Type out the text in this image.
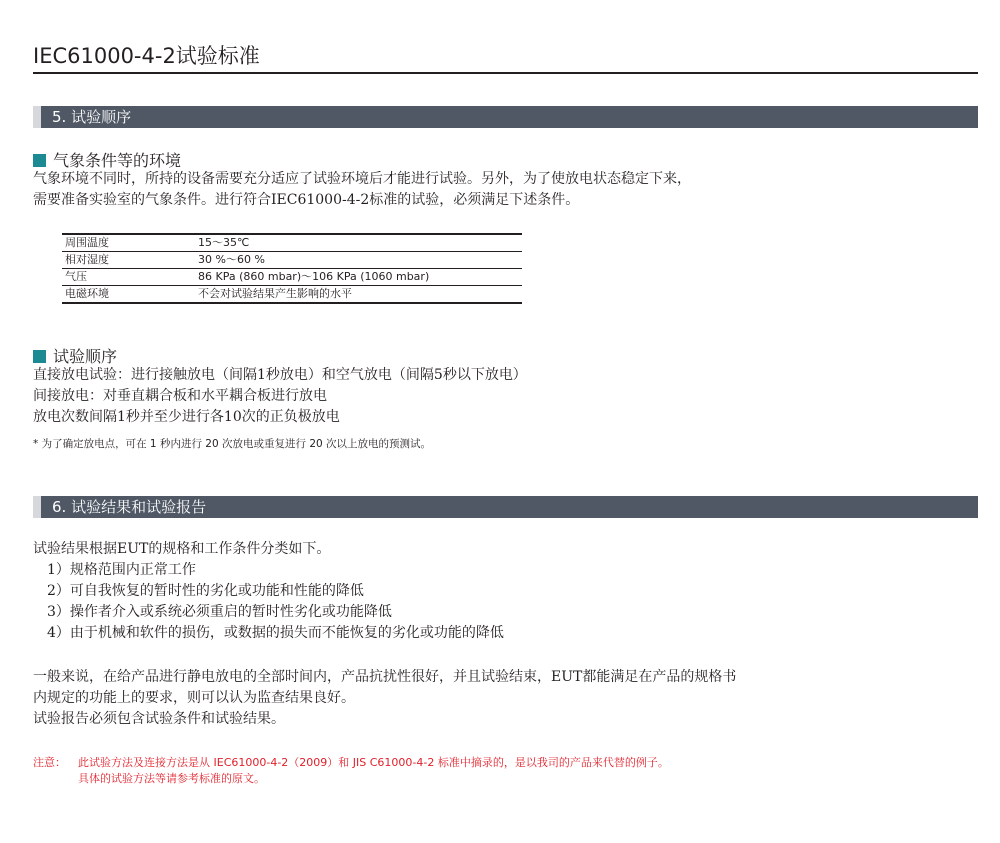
IEC61000-4-2试验标准
5. 试验顺序
气象条件等的环境

气象环境不同时，所持的设备需要充分适应了试验环境后才能进行试验。另外，为了使放电状态稳定下来，

需要准备实验室的气象条件。进行符合IEC61000-4-2标准的试验，必须满足下述条件。

周围温度	15～35℃
相对湿度	30 %～60 %
气压	86 KPa (860 mbar)～106 KPa (1060 mbar)
电磁环境	不会对试验结果产生影响的水平
试验顺序

直接放电试验：进行接触放电（间隔1秒放电）和空气放电（间隔5秒以下放电）

间接放电：对垂直耦合板和水平耦合板进行放电

放电次数间隔1秒并至少进行各10次的正负极放电

* 为了确定放电点，可在 1 秒内进行 20 次放电或重复进行 20 次以上放电的预测试。
6. 试验结果和试验报告

试验结果根据EUT的规格和工作条件分类如下。

1）规格范围内正常工作

2）可自我恢复的暂时性的劣化或功能和性能的降低

3）操作者介入或系统必须重启的暂时性劣化或功能降低

4）由于机械和软件的损伤，或数据的损失而不能恢复的劣化或功能的降低

一般来说，在给产品进行静电放电的全部时间内，产品抗扰性很好，并且试验结束，EUT都能满足在产品的规格书

内规定的功能上的要求，则可以认为监查结果良好。

试验报告必须包含试验条件和试验结果。

注意： 此试验方法及连接方法是从 IEC61000-4-2（2009）和 JIS C61000-4-2 标准中摘录的，是以我司的产品来代替的例子。
具体的试验方法等请参考标准的原文。
